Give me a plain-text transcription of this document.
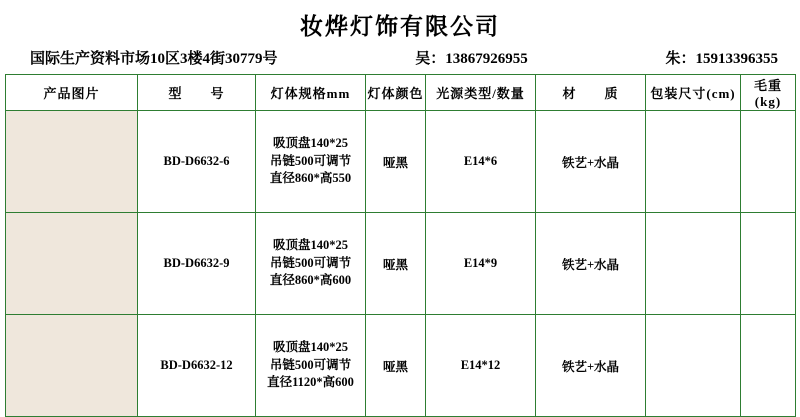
妆烨灯饰有限公司
国际生产资料市场10区3楼4街30779号	吴：13867926955	朱：15913396355
产品图片	型　　号	灯体规格mm	灯体颜色	光源类型/数量	材　　质	包装尺寸(cm)	毛重(kg)

	BD-D6632-6	吸顶盘140*25
吊链500可调节
直径860*高550	哑黑	E14*6	铁艺+水晶		

	BD-D6632-9	吸顶盘140*25
吊链500可调节
直径860*高600	哑黑	E14*9	铁艺+水晶		

	BD-D6632-12	吸顶盘140*25
吊链500可调节
直径1120*高600	哑黑	E14*12	铁艺+水晶		
